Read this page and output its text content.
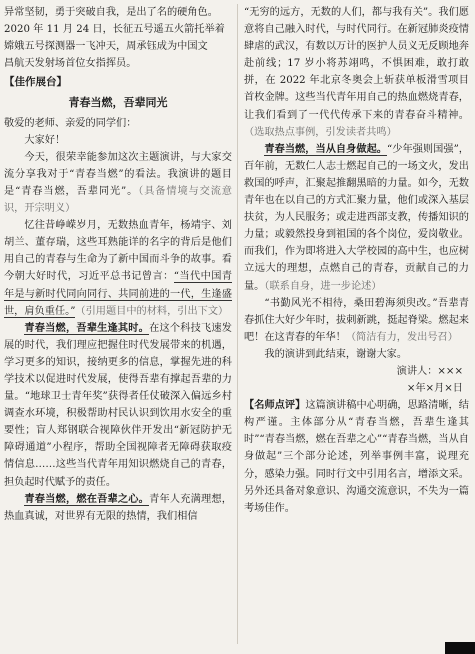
异常坚韧，勇于突破自我，是出了名的硬角色。

2020 年 11 月 24 日，长征五号遥五火箭托举着

嫦娥五号探测器一飞冲天，周承钰成为中国文

昌航天发射场首位女指挥员。

【佳作展台】
青春当燃，吾辈同光

敬爱的老师、亲爱的同学们：

大家好！

今天，很荣幸能参加这次主题演讲，与大家交流分享我对于“青春当燃”的看法。我演讲的题目是“青春当燃，吾辈同光”。（具备情境与交流意识，开宗明义）

忆往昔峥嵘岁月，无数热血青年，杨靖宇、刘胡兰、董存瑞，这些耳熟能详的名字的背后是他们用自己的青春与生命为了新中国而斗争的故事。看今朝大好时代，习近平总书记曾言：“当代中国青年是与新时代同向同行、共同前进的一代，生逢盛世，肩负重任。”（引用题目中的材料，引出下文）

青春当燃，吾辈生逢其时。在这个科技飞速发展的时代，我们理应把握住时代发展带来的机遇，学习更多的知识，接纳更多的信息，掌握先进的科学技术以促进时代发展，使得吾辈有撑起吾辈的力量。“地球卫士青年奖”获得者任仗破深入偏远乡村调查水环境，积极帮助村民认识到饮用水安全的重要性；盲人郑钢联合视障伙伴开发出“新冠防护无障碍通道”小程序，帮助全国视障者无障碍获取疫情信息……这些当代青年用知识燃烧自己的青春，担负起时代赋予的责任。

青春当燃，燃在吾辈之心。青年人充满理想，热血真诚，对世界有无限的热情，我们相信

“无穷的远方，无数的人们，都与我有关”。我们愿意将自己融入时代，与时代同行。在新冠肺炎疫情肆虐的武汉，有数以万计的医护人员义无反顾地奔赴前线；17 岁小将苏翊鸣，不惧困难，敢打敢拼，在 2022 年北京冬奥会上斩获单板滑雪项目首枚金牌。这些当代青年用自己的热血燃烧青春，让我们看到了一代代传承下来的青春奋斗精神。（选取热点事例，引发读者共鸣）

青春当燃，当从自身做起。“少年强则国强”，百年前，无数仁人志士燃起自己的一场文火，发出救国的呼声，汇聚起推翻黑暗的力量。如今，无数青年也在以自己的方式汇聚力量，他们或深入基层扶贫，为人民服务；或走进西部支教，传播知识的力量；或毅然投身到祖国的各个岗位，爱岗敬业。而我们，作为即将进入大学校园的高中生，也应树立远大的理想，点燃自己的青春，贡献自己的力量。（联系自身，进一步论述）

“书勤风光不相待，桑田碧海须臾改。”吾辈青春抓住大好少年时，拔刺新跳，挺起脊梁。燃起来吧！在这青春的年华！（简洁有力，发出号召）

我的演讲到此结束，谢谢大家。

演讲人：×××

×年×月×日

【名师点评】这篇演讲稿中心明确，思路清晰，结构严谨。主体部分从“青春当燃，吾辈生逢其时”“青春当燃，燃在吾辈之心”“青春当燃，当从自身做起”三个部分论述，列举事例丰富，说理充分，感染力强。同时行文中引用名言，增添文采。另外还具备对象意识、沟通交流意识，不失为一篇考场佳作。
